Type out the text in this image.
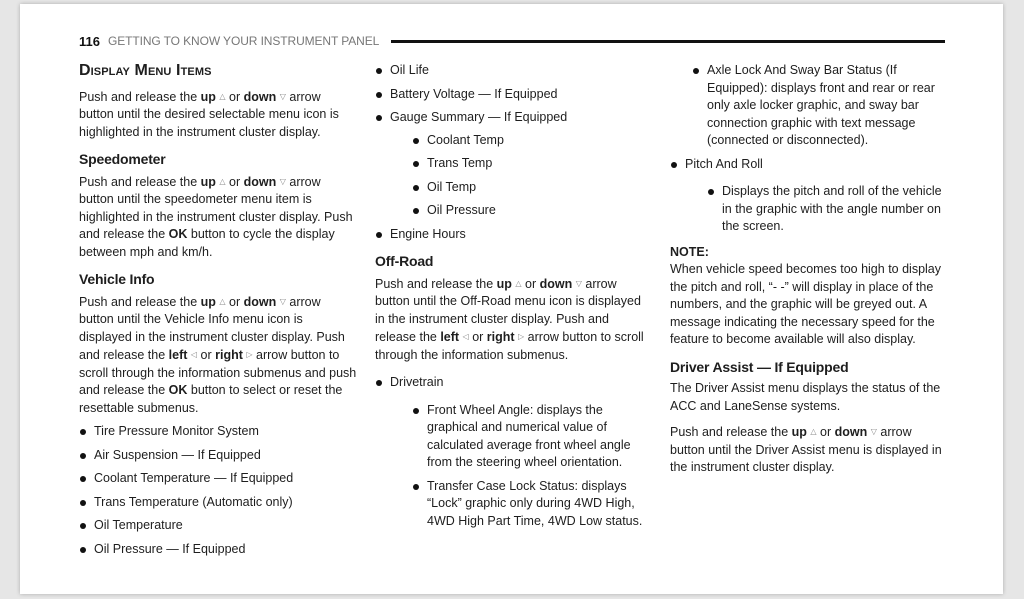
116 GETTING TO KNOW YOUR INSTRUMENT PANEL
Display Menu Items

Push and release the up △ or down ▽ arrow button until the desired selectable menu icon is highlighted in the instrument cluster display.

Speedometer

Push and release the up △ or down ▽ arrow button until the speedometer menu item is highlighted in the instrument cluster display. Push and release the OK button to cycle the display between mph and km/h.

Vehicle Info

Push and release the up △ or down ▽ arrow button until the Vehicle Info menu icon is displayed in the instrument cluster display. Push and release the left ◁ or right ▷ arrow button to scroll through the information submenus and push and release the OK button to select or reset the resettable submenus.

Tire Pressure Monitor System
Air Suspension — If Equipped
Coolant Temperature — If Equipped
Trans Temperature (Automatic only)
Oil Temperature
Oil Pressure — If Equipped
Oil Life
Battery Voltage — If Equipped
Gauge Summary — If Equipped
Coolant Temp
Trans Temp
Oil Temp
Oil Pressure
Engine Hours
Off-Road

Push and release the up △ or down ▽ arrow button until the Off-Road menu icon is displayed in the instrument cluster display. Push and release the left ◁ or right ▷ arrow button to scroll through the information submenus.

Drivetrain
Front Wheel Angle: displays the graphical and numerical value of calculated average front wheel angle from the steering wheel orientation.
Transfer Case Lock Status: displays “Lock” graphic only during 4WD High, 4WD High Part Time, 4WD Low status.
Axle Lock And Sway Bar Status (If Equipped): displays front and rear or rear only axle locker graphic, and sway bar connection graphic with text message (connected or disconnected).
Pitch And Roll
Displays the pitch and roll of the vehicle in the graphic with the angle number on the screen.
NOTE:

When vehicle speed becomes too high to display the pitch and roll, “- -” will display in place of the numbers, and the graphic will be greyed out. A message indicating the necessary speed for the feature to become available will also display.

Driver Assist — If Equipped

The Driver Assist menu displays the status of the ACC and LaneSense systems.

Push and release the up △ or down ▽ arrow button until the Driver Assist menu is displayed in the instrument cluster display.
